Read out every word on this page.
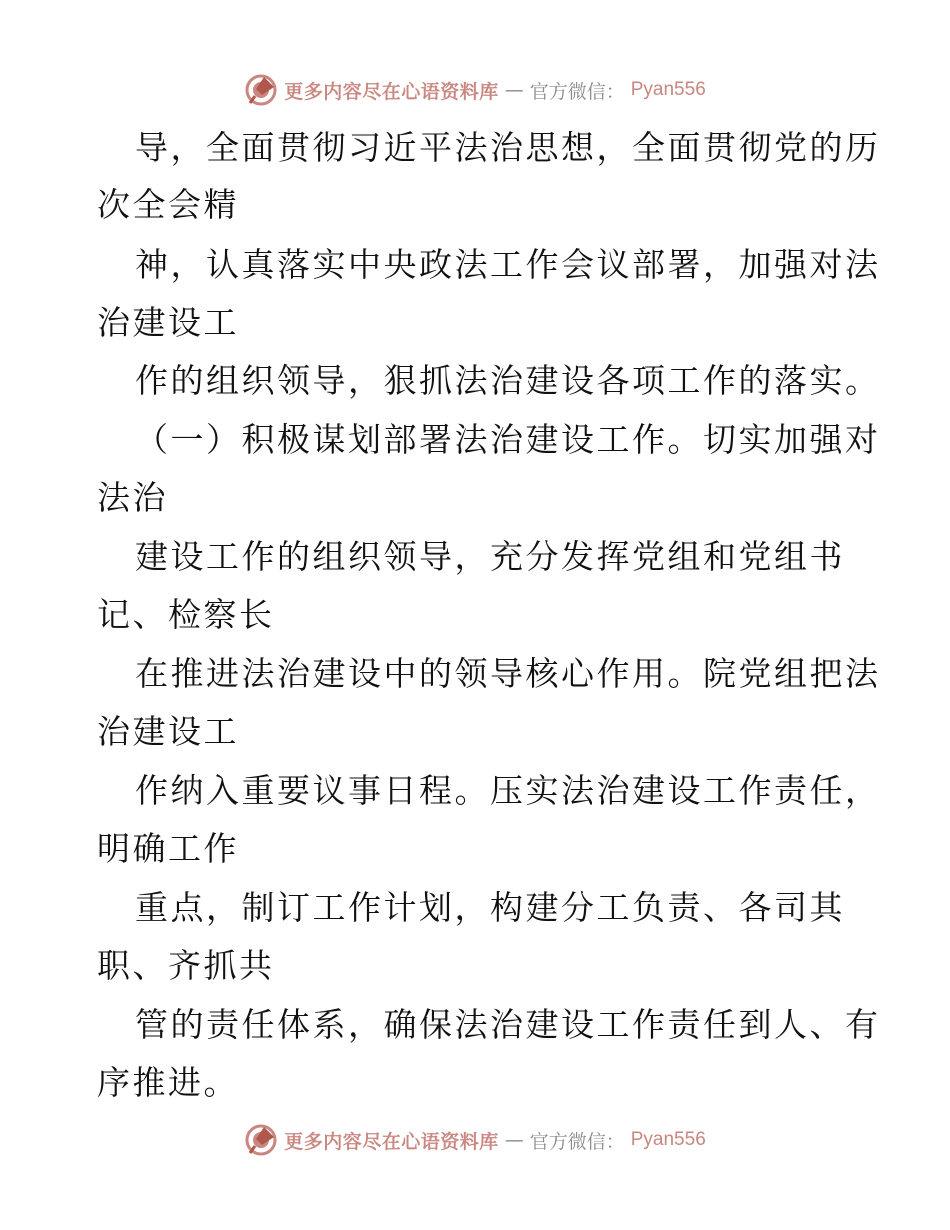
更多内容尽在心语资料库 — 官方微信： Pyan556
导，全面贯彻习近平法治思想，全面贯彻党的历
次全会精
神，认真落实中央政法工作会议部署，加强对法
治建设工
作的组织领导，狠抓法治建设各项工作的落实。
（一）积极谋划部署法治建设工作。切实加强对
法治
建设工作的组织领导，充分发挥党组和党组书
记、检察长
在推进法治建设中的领导核心作用。院党组把法
治建设工
作纳入重要议事日程。压实法治建设工作责任，
明确工作
重点，制订工作计划，构建分工负责、各司其
职、齐抓共
管的责任体系，确保法治建设工作责任到人、有
序推进。
更多内容尽在心语资料库 — 官方微信： Pyan556
